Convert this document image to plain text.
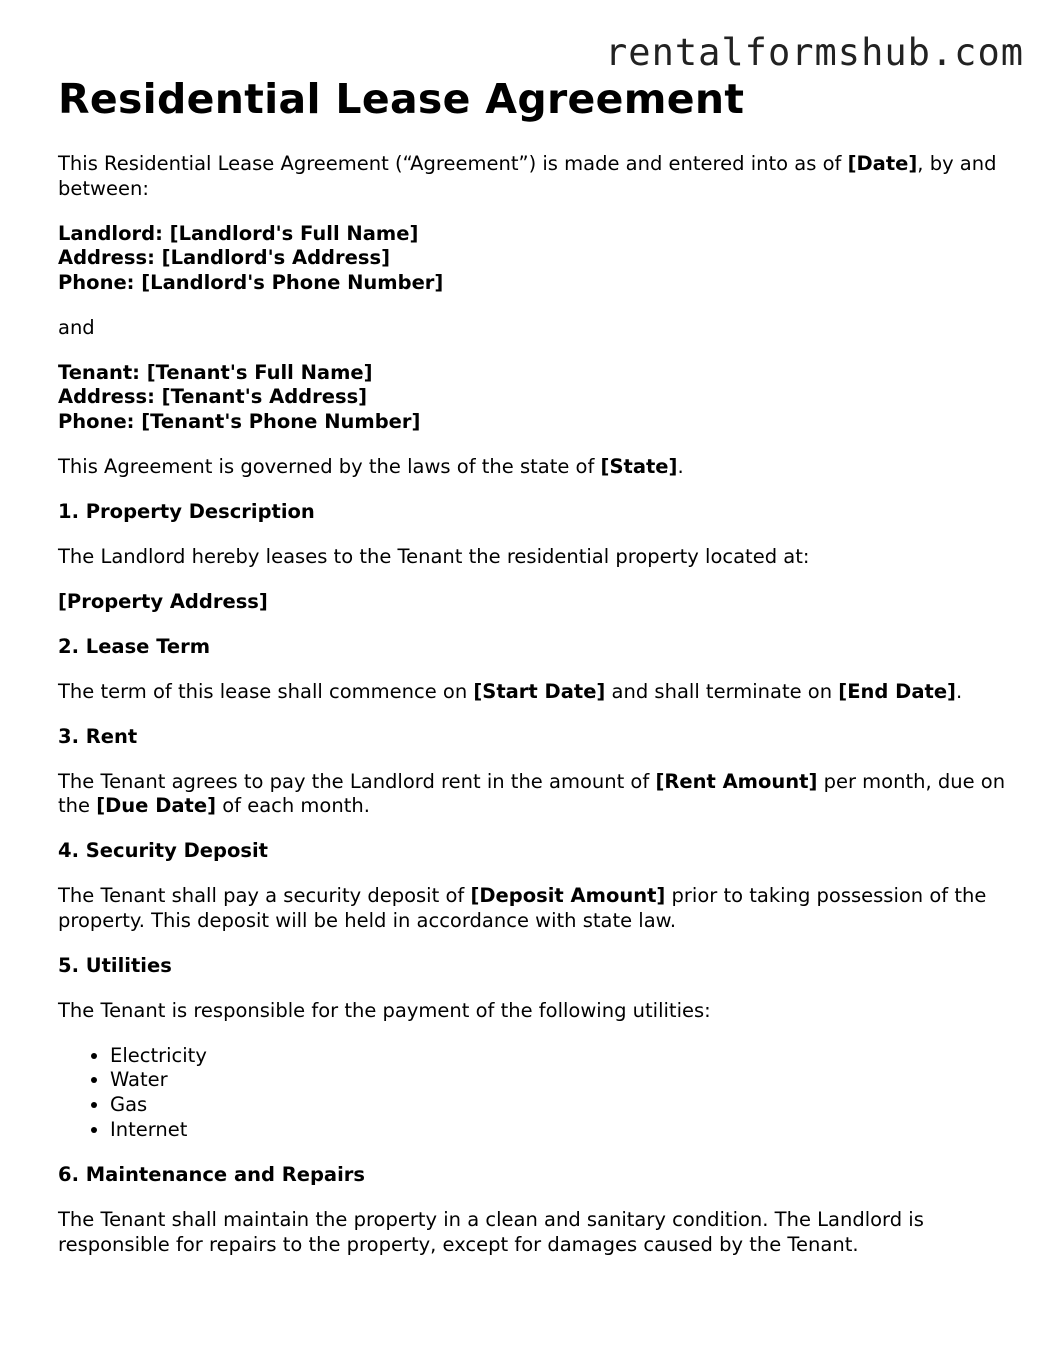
rentalformshub.com
Residential Lease Agreement

This Residential Lease Agreement (“Agreement”) is made and entered into as of [Date], by and between:

Landlord: [Landlord's Full Name]

Address: [Landlord's Address]

Phone: [Landlord's Phone Number]

and

Tenant: [Tenant's Full Name]

Address: [Tenant's Address]

Phone: [Tenant's Phone Number]

This Agreement is governed by the laws of the state of [State].

1. Property Description

The Landlord hereby leases to the Tenant the residential property located at:

[Property Address]

2. Lease Term

The term of this lease shall commence on [Start Date] and shall terminate on [End Date].

3. Rent

The Tenant agrees to pay the Landlord rent in the amount of [Rent Amount] per month, due on the [Due Date] of each month.

4. Security Deposit

The Tenant shall pay a security deposit of [Deposit Amount] prior to taking possession of the property. This deposit will be held in accordance with state law.

5. Utilities

The Tenant is responsible for the payment of the following utilities:

• Electricity
• Water
• Gas
• Internet
6. Maintenance and Repairs

The Tenant shall maintain the property in a clean and sanitary condition. The Landlord is responsible for repairs to the property, except for damages caused by the Tenant.
